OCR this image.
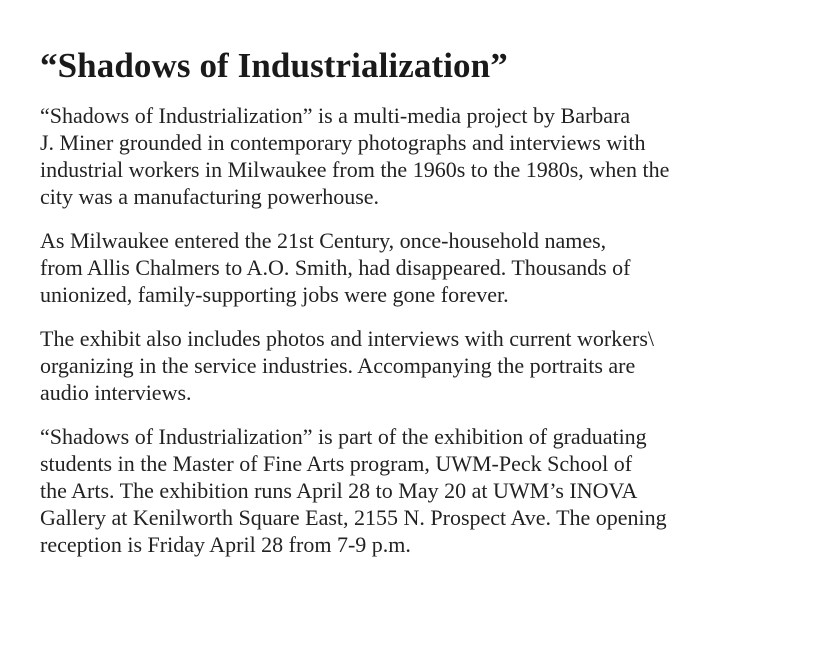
“Shadows of Industrialization”

“Shadows of Industrialization” is a multi-media project by Barbara
J. Miner grounded in contemporary photographs and interviews with
industrial workers in Milwaukee from the 1960s to the 1980s, when the
city was a manufacturing powerhouse.

As Milwaukee entered the 21st Century, once-household names,
from Allis Chalmers to A.O. Smith, had disappeared. Thousands of
unionized, family-supporting jobs were gone forever.

The exhibit also includes photos and interviews with current workers\
organizing in the service industries. Accompanying the portraits are
audio interviews.

“Shadows of Industrialization” is part of the exhibition of graduating
students in the Master of Fine Arts program, UWM-Peck School of
the Arts. The exhibition runs April 28 to May 20 at UWM’s INOVA
Gallery at Kenilworth Square East, 2155 N. Prospect Ave. The opening
reception is Friday April 28 from 7-9 p.m.
